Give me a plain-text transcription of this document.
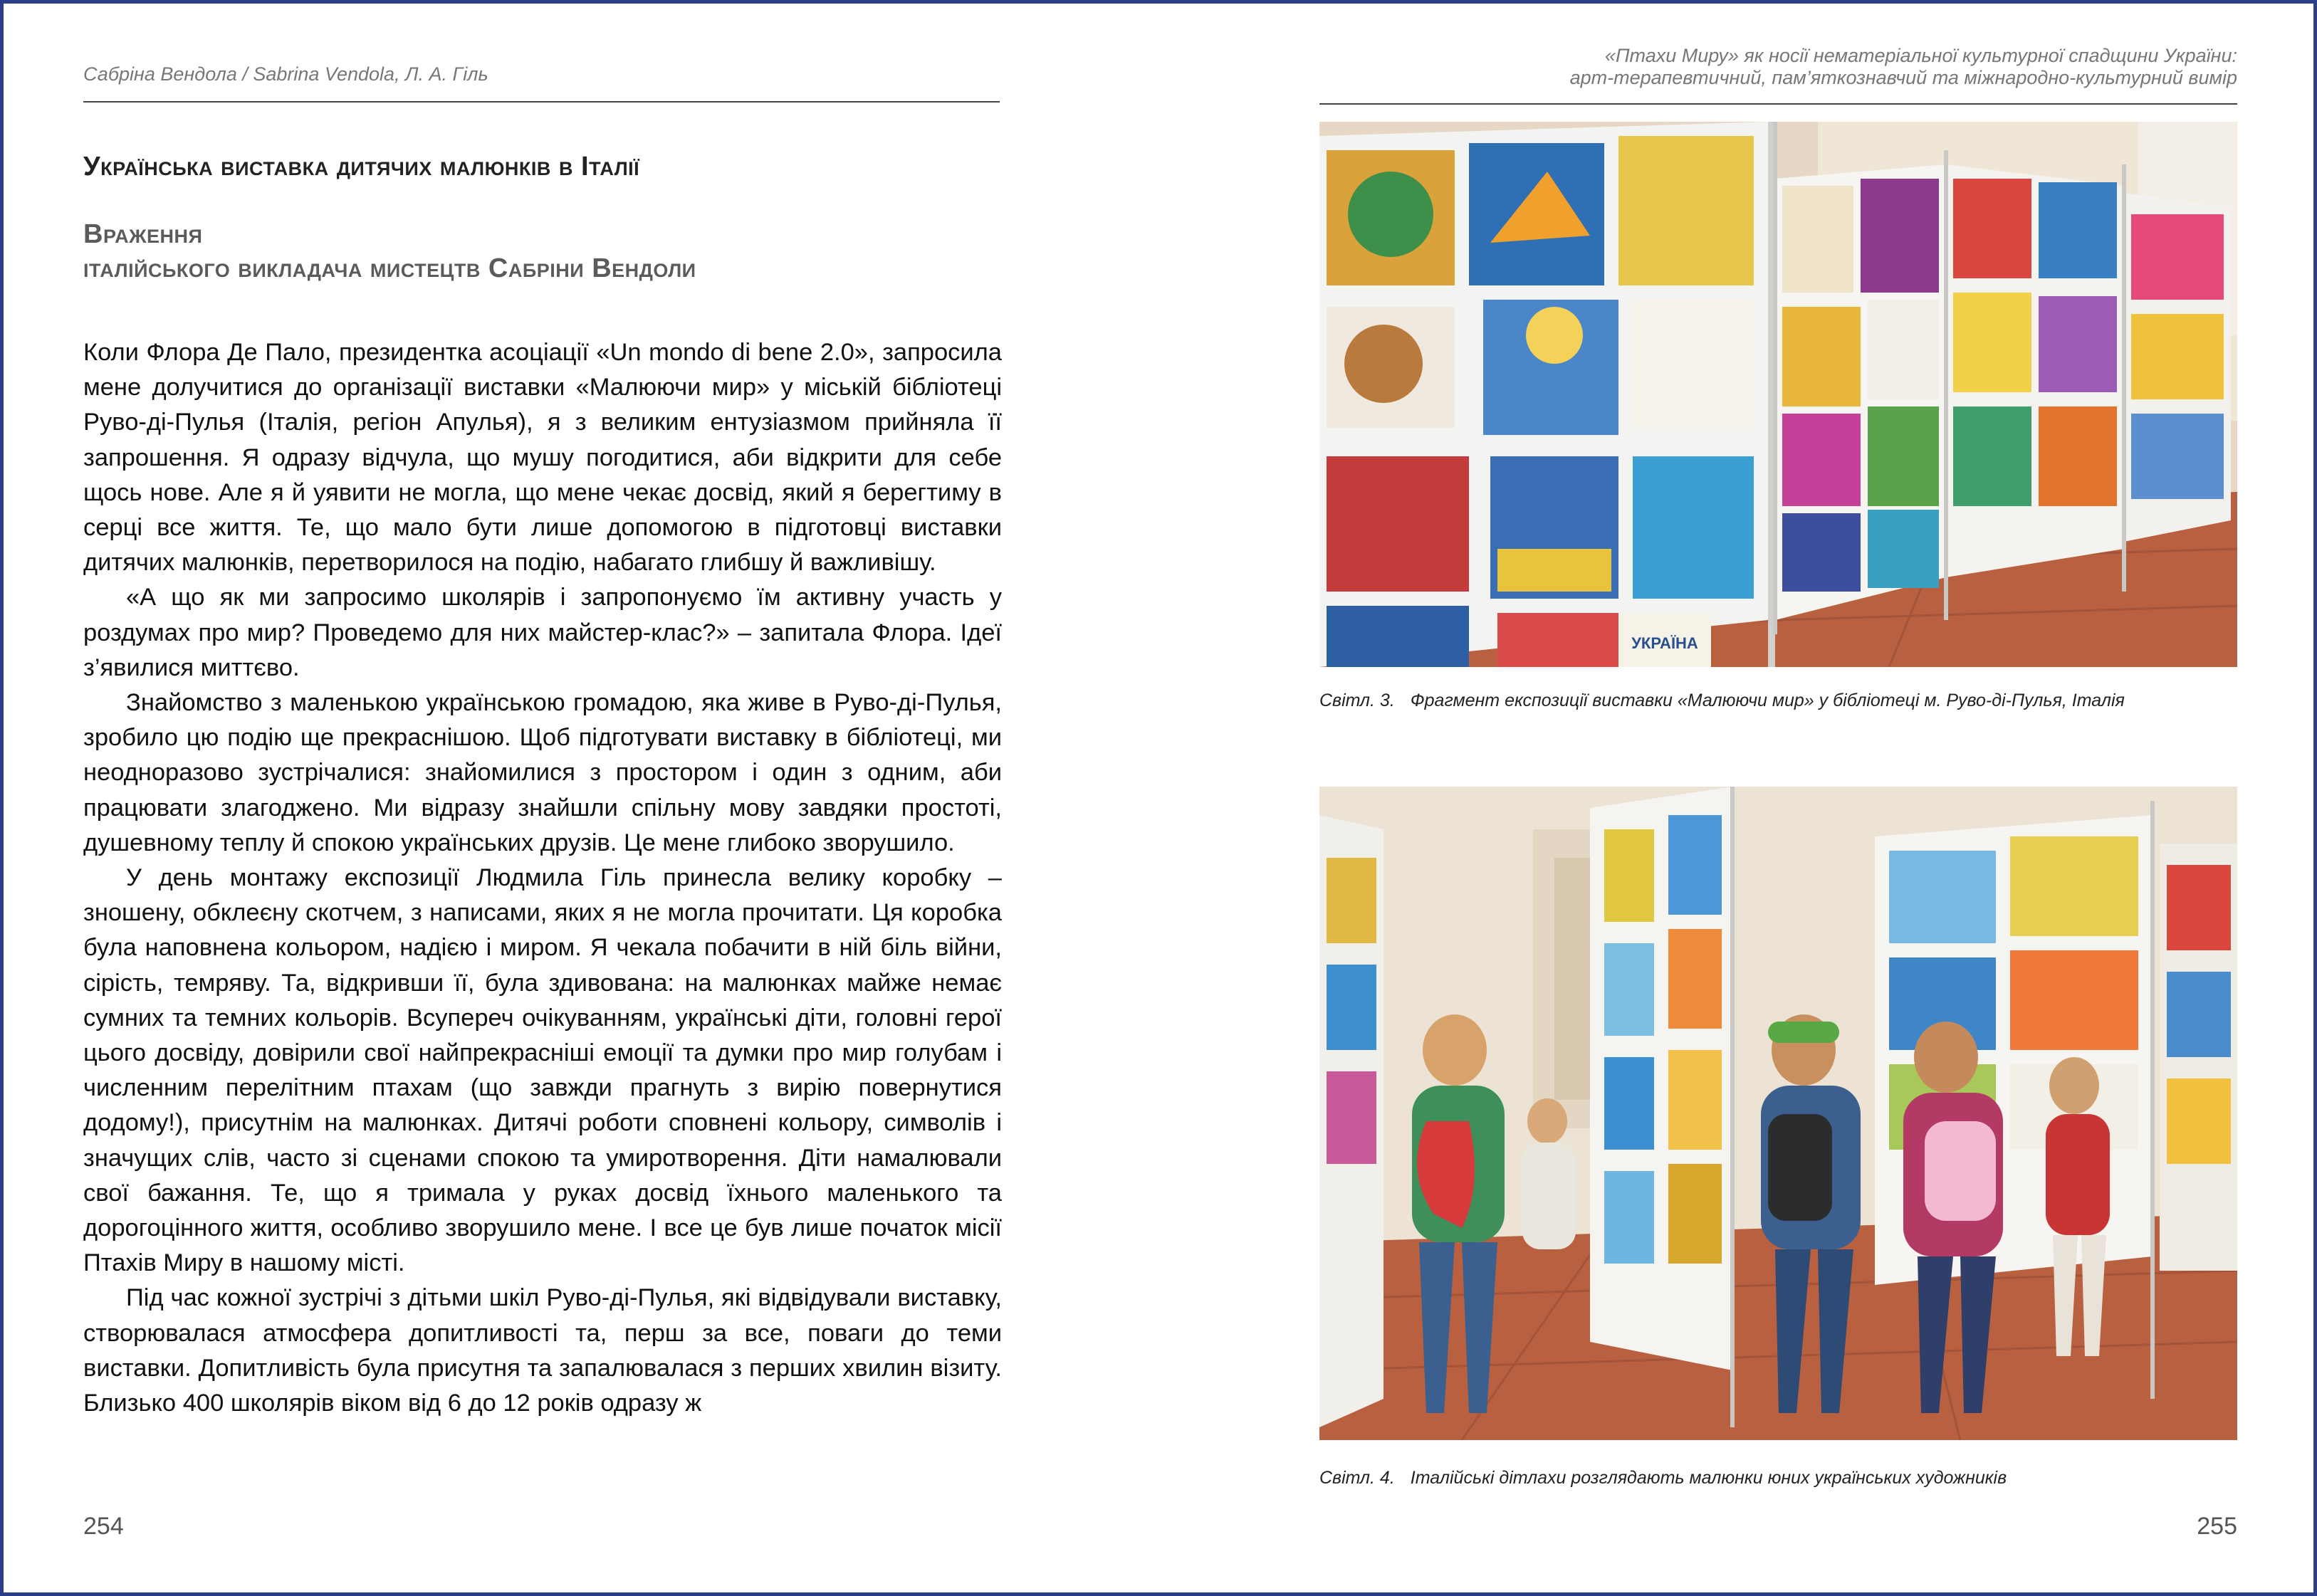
Сабріна Вендола / Sabrina Vendola, Л. А. Гіль
Українська виставка дитячих малюнків в Італії
Враження
італійського викладача мистецтв Сабріни Вендоли

Коли Флора Де Пало, президентка асоціації «Un mondo di bene 2.0», запросила мене долучитися до організації виставки «Малюючи мир» у міській бібліотеці Руво-ді-Пулья (Італія, регіон Апулья), я з великим ентузіазмом прийняла її запрошення. Я одразу відчула, що мушу погодитися, аби відкрити для себе щось нове. Але я й уявити не могла, що мене чекає досвід, який я берегтиму в серці все життя. Те, що мало бути лише допомогою в підготовці виставки дитячих малюнків, перетворилося на подію, набагато глибшу й важливішу.

«А що як ми запросимо школярів і запропонуємо їм активну участь у роздумах про мир? Проведемо для них майстер-клас?» – запитала Флора. Ідеї з’явилися миттєво.

Знайомство з маленькою українською громадою, яка живе в Руво-ді-Пулья, зробило цю подію ще прекраснішою. Щоб підготувати виставку в бібліотеці, ми неодноразово зустрічалися: знайомилися з простором і один з одним, аби працювати злагоджено. Ми відразу знайшли спільну мову завдяки простоті, душевному теплу й спокою українських друзів. Це мене глибоко зворушило.

У день монтажу експозиції Людмила Гіль принесла велику коробку – зношену, обклеєну скотчем, з написами, яких я не могла прочитати. Ця коробка була наповнена кольором, надією і миром. Я чекала побачити в ній біль війни, сірість, темряву. Та, відкривши її, була здивована: на малюнках майже немає сумних та темних кольорів. Всупереч очікуванням, українські діти, головні герої цього досвіду, довірили свої найпрекрасніші емоції та думки про мир голубам і численним перелітним птахам (що завжди прагнуть з вирію повернутися додому!), присутнім на малюнках. Дитячі роботи сповнені кольору, символів і значущих слів, часто зі сценами спокою та умиротворення. Діти намалювали свої бажання. Те, що я тримала у руках досвід їхнього маленького та дорогоцінного життя, особливо зворушило мене. І все це був лише початок місії Птахів Миру в нашому місті.

Під час кожної зустрічі з дітьми шкіл Руво-ді-Пулья, які відвідували виставку, створювалася атмосфера допитливості та, перш за все, поваги до теми виставки. Допитливість була присутня та запалювалася з перших хвилин візиту. Близько 400 школярів віком від 6 до 12 років одразу ж

254
«Птахи Миру» як носії нематеріальної культурної спадщини України:
арт-терапевтичний, пам’яткознавчий та міжнародно-культурний вимір
УКРАЇНА
Світл. 3. Фрагмент експозиції виставки «Малюючи мир» у бібліотеці м. Руво-ді-Пулья, Італія
Світл. 4. Італійські дітлахи розглядають малюнки юних українських художників
255
